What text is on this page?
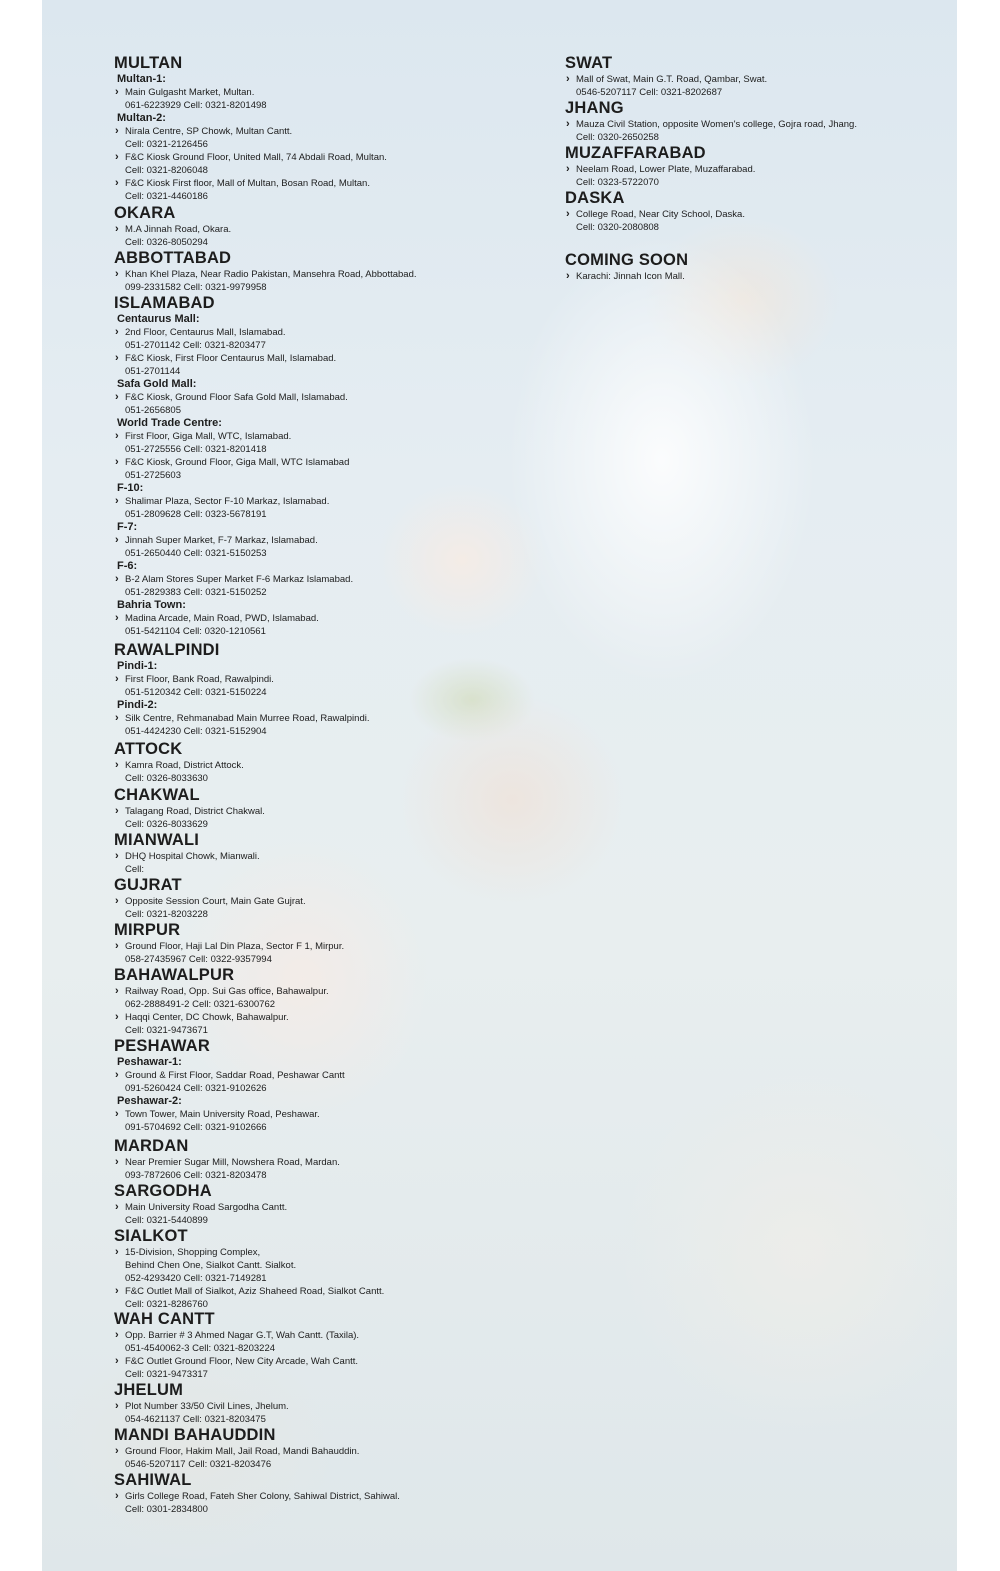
MULTAN
Multan-1:
› Main Gulgasht Market, Multan.
061-6223929 Cell: 0321-8201498
Multan-2:
› Nirala Centre, SP Chowk, Multan Cantt.
Cell: 0321-2126456
› F&C Kiosk Ground Floor, United Mall, 74 Abdali Road, Multan.
Cell: 0321-8206048
› F&C Kiosk First floor, Mall of Multan, Bosan Road, Multan.
Cell: 0321-4460186
OKARA
› M.A Jinnah Road, Okara.
Cell: 0326-8050294
ABBOTTABAD
› Khan Khel Plaza, Near Radio Pakistan, Mansehra Road, Abbottabad.
099-2331582 Cell: 0321-9979958
ISLAMABAD
Centaurus Mall:
› 2nd Floor, Centaurus Mall, Islamabad.
051-2701142 Cell: 0321-8203477
› F&C Kiosk, First Floor Centaurus Mall, Islamabad.
051-2701144
Safa Gold Mall:
› F&C Kiosk, Ground Floor Safa Gold Mall, Islamabad.
051-2656805
World Trade Centre:
› First Floor, Giga Mall, WTC, Islamabad.
051-2725556 Cell: 0321-8201418
› F&C Kiosk, Ground Floor, Giga Mall, WTC Islamabad
051-2725603
F-10:
› Shalimar Plaza, Sector F-10 Markaz, Islamabad.
051-2809628 Cell: 0323-5678191
F-7:
› Jinnah Super Market, F-7 Markaz, Islamabad.
051-2650440 Cell: 0321-5150253
F-6:
› B-2 Alam Stores Super Market F-6 Markaz Islamabad.
051-2829383 Cell: 0321-5150252
Bahria Town:
› Madina Arcade, Main Road, PWD, Islamabad.
051-5421104 Cell: 0320-1210561
RAWALPINDI
Pindi-1:
› First Floor, Bank Road, Rawalpindi.
051-5120342 Cell: 0321-5150224
Pindi-2:
› Silk Centre, Rehmanabad Main Murree Road, Rawalpindi.
051-4424230 Cell: 0321-5152904
ATTOCK
› Kamra Road, District Attock.
Cell: 0326-8033630
CHAKWAL
› Talagang Road, District Chakwal.
Cell: 0326-8033629
MIANWALI
› DHQ Hospital Chowk, Mianwali.
Cell:
GUJRAT
› Opposite Session Court, Main Gate Gujrat.
Cell: 0321-8203228
MIRPUR
› Ground Floor, Haji Lal Din Plaza, Sector F 1, Mirpur.
058-27435967 Cell: 0322-9357994
BAHAWALPUR
› Railway Road, Opp. Sui Gas office, Bahawalpur.
062-2888491-2 Cell: 0321-6300762
› Haqqi Center, DC Chowk, Bahawalpur.
Cell: 0321-9473671
PESHAWAR
Peshawar-1:
› Ground & First Floor, Saddar Road, Peshawar Cantt
091-5260424 Cell: 0321-9102626
Peshawar-2:
› Town Tower, Main University Road, Peshawar.
091-5704692 Cell: 0321-9102666
MARDAN
› Near Premier Sugar Mill, Nowshera Road, Mardan.
093-7872606 Cell: 0321-8203478
SARGODHA
› Main University Road Sargodha Cantt.
Cell: 0321-5440899
SIALKOT
› 15-Division, Shopping Complex,
Behind Chen One, Sialkot Cantt. Sialkot.
052-4293420 Cell: 0321-7149281
› F&C Outlet Mall of Sialkot, Aziz Shaheed Road, Sialkot Cantt.
Cell: 0321-8286760
WAH CANTT
› Opp. Barrier # 3 Ahmed Nagar G.T, Wah Cantt. (Taxila).
051-4540062-3 Cell: 0321-8203224
› F&C Outlet Ground Floor, New City Arcade, Wah Cantt.
Cell: 0321-9473317
JHELUM
› Plot Number 33/50 Civil Lines, Jhelum.
054-4621137 Cell: 0321-8203475
MANDI BAHAUDDIN
› Ground Floor, Hakim Mall, Jail Road, Mandi Bahauddin.
0546-5207117 Cell: 0321-8203476
SAHIWAL
› Girls College Road, Fateh Sher Colony, Sahiwal District, Sahiwal.
Cell: 0301-2834800
SWAT
› Mall of Swat, Main G.T. Road, Qambar, Swat.
0546-5207117 Cell: 0321-8202687
JHANG
› Mauza Civil Station, opposite Women's college, Gojra road, Jhang.
Cell: 0320-2650258
MUZAFFARABAD
› Neelam Road, Lower Plate, Muzaffarabad.
Cell: 0323-5722070
DASKA
› College Road, Near City School, Daska.
Cell: 0320-2080808
COMING SOON
› Karachi: Jinnah Icon Mall.
